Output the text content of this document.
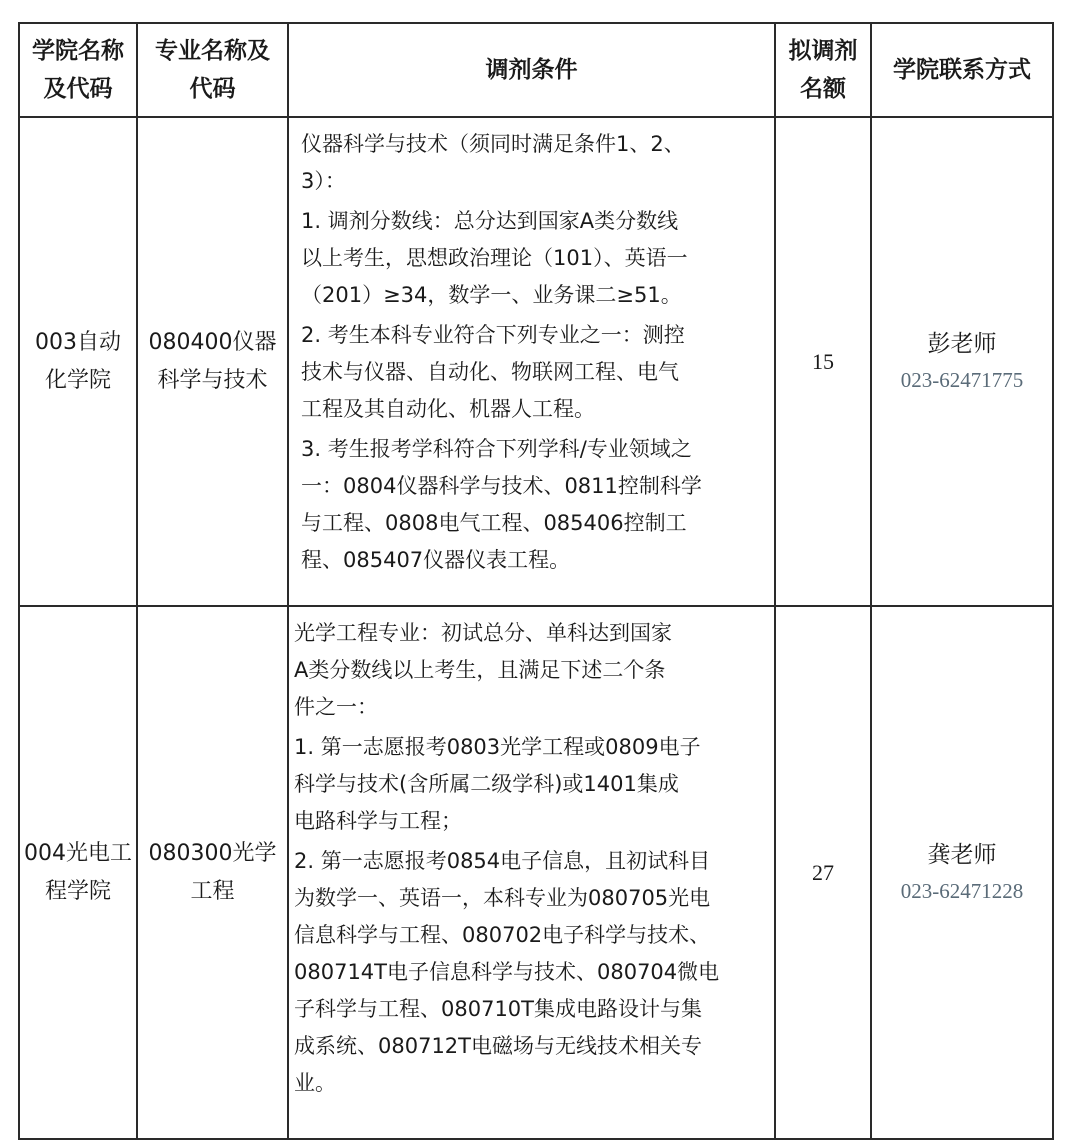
学院名称
及代码
专业名称及
代码
调剂条件
拟调剂
名额
学院联系方式
003自动
化学院
080400仪器
科学与技术

仪器科学与技术（须同时满足条件1、2、
3）：

1. 调剂分数线：总分达到国家A类分数线
以上考生，思想政治理论（101）、英语一
（201）≥34，数学一、业务课二≥51。

2. 考生本科专业符合下列专业之一：测控
技术与仪器、自动化、物联网工程、电气
工程及其自动化、机器人工程。

3. 考生报考学科符合下列学科/专业领域之
一：0804仪器科学与技术、0811控制科学
与工程、0808电气工程、085406控制工
程、085407仪器仪表工程。

15
彭老师
023-62471775
004光电工
程学院
080300光学
工程

光学工程专业：初试总分、单科达到国家
A类分数线以上考生，且满足下述二个条
件之一：

1. 第一志愿报考0803光学工程或0809电子
科学与技术(含所属二级学科)或1401集成
电路科学与工程；

2. 第一志愿报考0854电子信息，且初试科目
为数学一、英语一，本科专业为080705光电
信息科学与工程、080702电子科学与技术、
080714T电子信息科学与技术、080704微电
子科学与工程、080710T集成电路设计与集
成系统、080712T电磁场与无线技术相关专
业。

27
龚老师
023-62471228
